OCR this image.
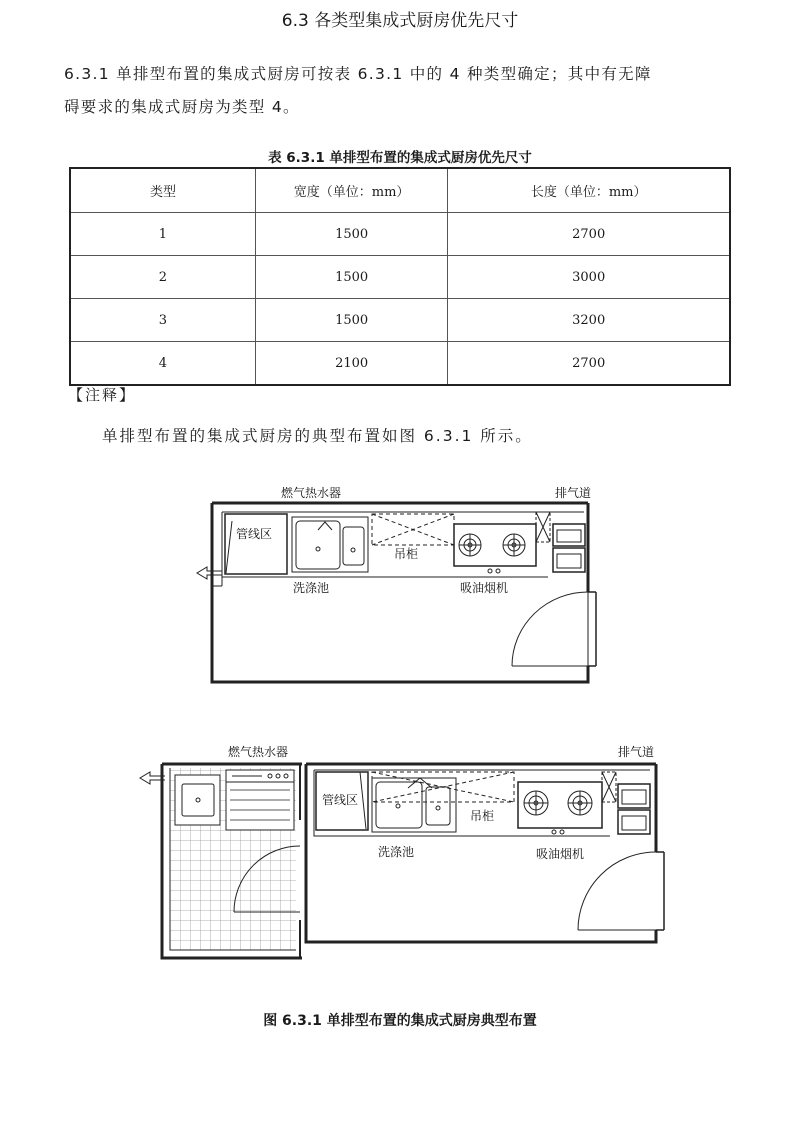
6.3 各类型集成式厨房优先尺寸
6.3.1 单排型布置的集成式厨房可按表 6.3.1 中的 4 种类型确定；其中有无障
碍要求的集成式厨房为类型 4。
表 6.3.1 单排型布置的集成式厨房优先尺寸
类型	宽度（单位：mm）	长度（单位：mm）
1	1500	2700
2	1500	3000
3	1500	3200
4	2100	2700
【注释】
单排型布置的集成式厨房的典型布置如图 6.3.1 所示。
燃气热水器	排气道
管线区
吊柜
洗涤池	吸油烟机
燃气热水器	排气道
管线区
吊柜
洗涤池	吸油烟机
图 6.3.1 单排型布置的集成式厨房典型布置
